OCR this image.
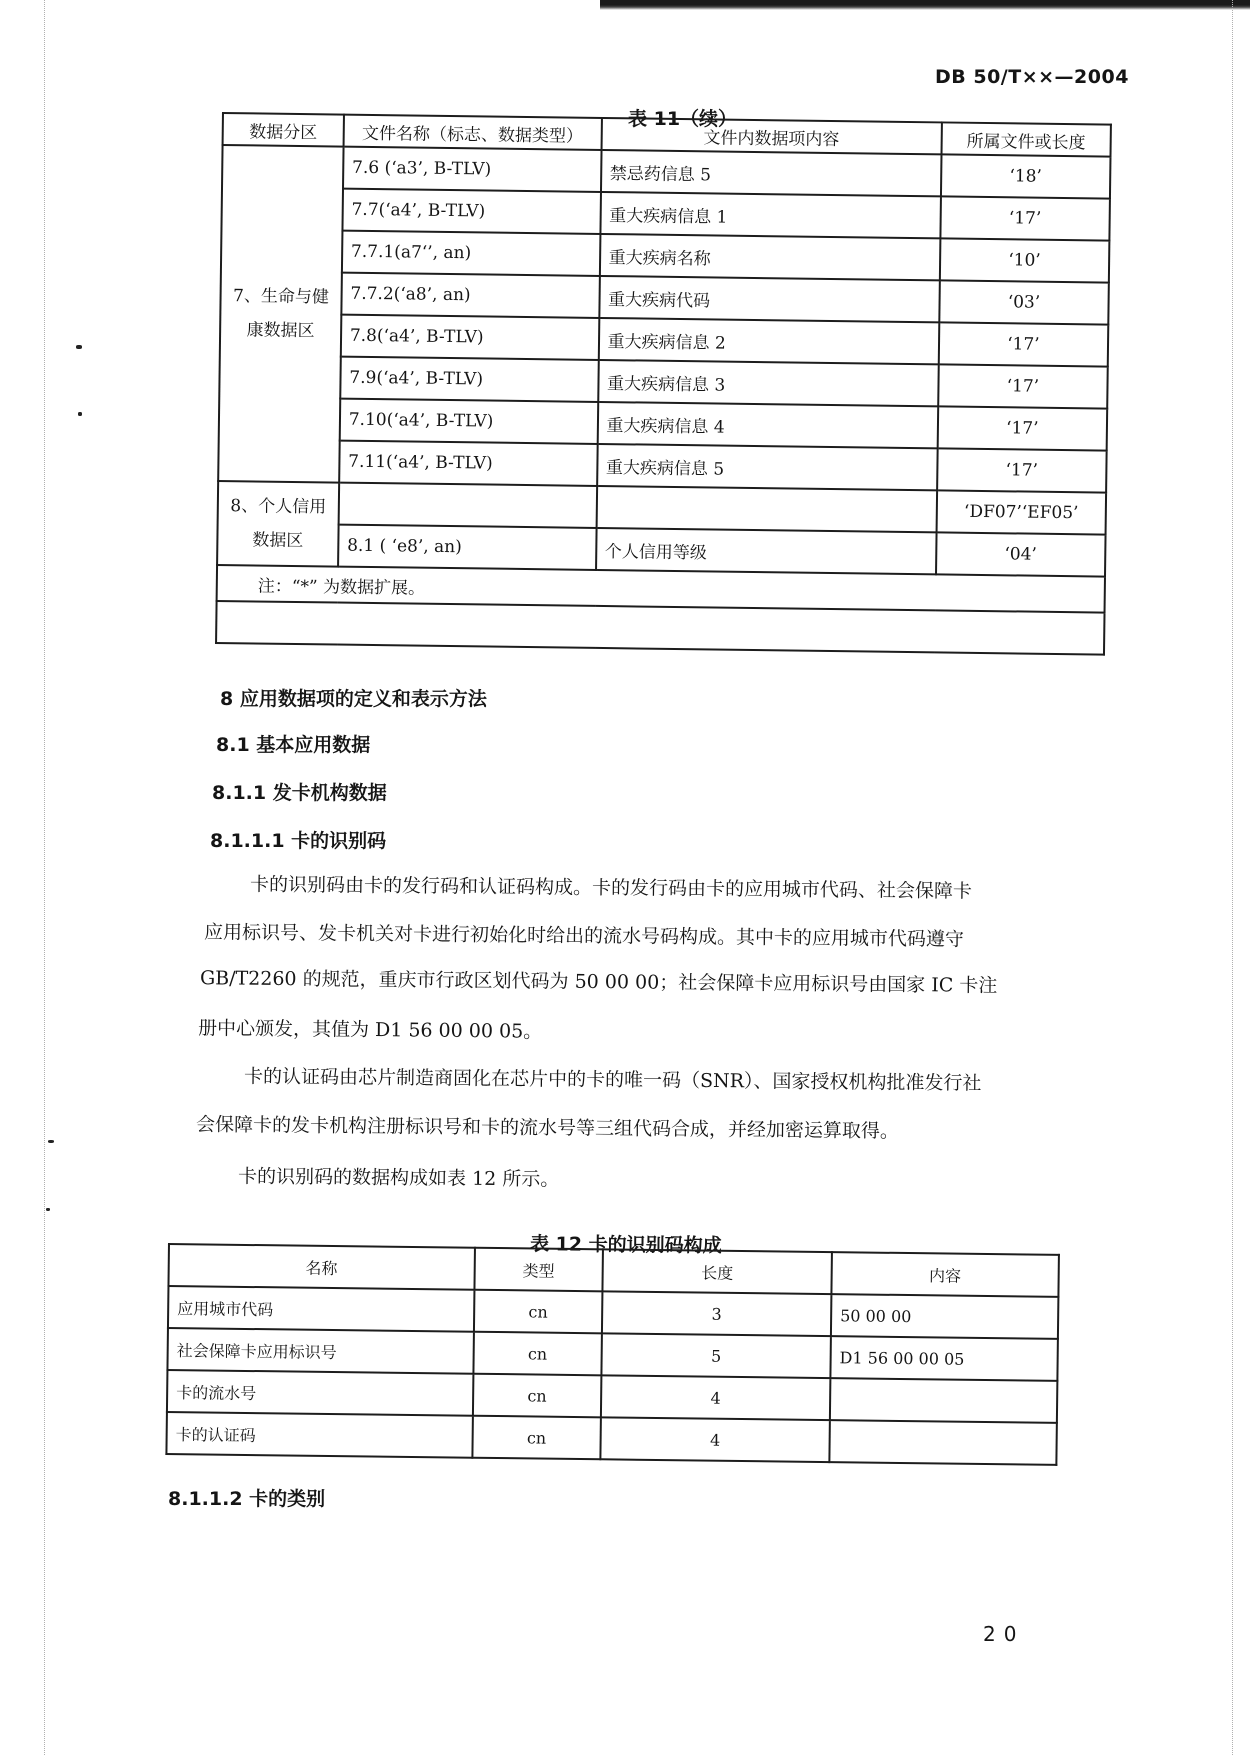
DB 50/T××—2004
表 11（续）
数据分区	文件名称（标志、数据类型）	文件内数据项内容	所属文件或长度
7、生命与健康数据区	7.6 (‘a3’, B-TLV)	禁忌药信息 5	‘18’
	7.7(‘a4’, B-TLV)	重大疾病信息 1	‘17’
	7.7.1(a7‘’, an)	重大疾病名称	‘10’
	7.7.2(‘a8’, an)	重大疾病代码	‘03’
	7.8(‘a4’, B-TLV)	重大疾病信息 2	‘17’
	7.9(‘a4’, B-TLV)	重大疾病信息 3	‘17’
	7.10(‘a4’, B-TLV)	重大疾病信息 4	‘17’
	7.11(‘a4’, B-TLV)	重大疾病信息 5	‘17’
8、个人信用数据区			‘DF07’‘EF05’
	8.1 ( ‘e8’, an)	个人信用等级	‘04’
注：“*” 为数据扩展。			

8 应用数据项的定义和表示方法
8.1 基本应用数据
8.1.1 发卡机构数据
8.1.1.1 卡的识别码
卡的识别码由卡的发行码和认证码构成。卡的发行码由卡的应用城市代码、社会保障卡
应用标识号、发卡机关对卡进行初始化时给出的流水号码构成。其中卡的应用城市代码遵守
GB/T2260 的规范，重庆市行政区划代码为 50 00 00；社会保障卡应用标识号由国家 IC 卡注
册中心颁发，其值为 D1 56 00 00 05。
卡的认证码由芯片制造商固化在芯片中的卡的唯一码（SNR）、国家授权机构批准发行社
会保障卡的发卡机构注册标识号和卡的流水号等三组代码合成，并经加密运算取得。
卡的识别码的数据构成如表 12 所示。
表 12 卡的识别码构成
名称	类型	长度	内容
应用城市代码	cn	3	50 00 00
社会保障卡应用标识号	cn	5	D1 56 00 00 05
卡的流水号	cn	4	
卡的认证码	cn	4	
8.1.1.2 卡的类别
20
